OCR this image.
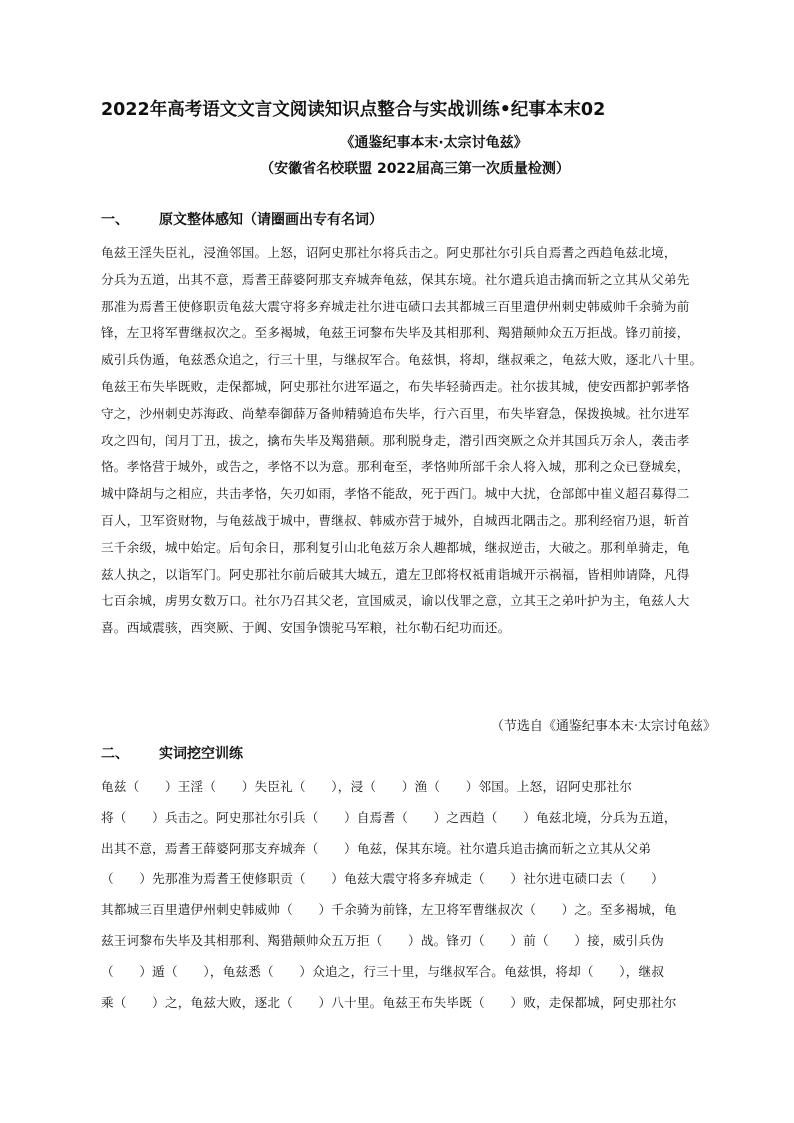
2022年高考语文文言文阅读知识点整合与实战训练•纪事本末02
《通鉴纪事本末·太宗讨龟兹》
（安徽省名校联盟 2022届高三第一次质量检测）
一、 原文整体感知（请圈画出专有名词）
龟兹王淫失臣礼，浸渔邻国。上怒，诏阿史那社尔将兵击之。阿史那社尔引兵自焉耆之西趋龟兹北境，
分兵为五道，出其不意，焉耆王薛婆阿那支弃城奔龟兹，保其东境。社尔遣兵追击擒而斩之立其从父弟先
那准为焉耆王使修职贡龟兹大震守将多弃城走社尔进屯碛口去其都城三百里遣伊州刺史韩威帅千余骑为前
锋，左卫将军曹继叔次之。至多褐城，龟兹王诃黎布失毕及其相那利、羯猎颠帅众五万拒战。锋刃前接，
威引兵伪遁，龟兹悉众追之，行三十里，与继叔军合。龟兹惧，将却，继叔乘之，龟兹大败，逐北八十里。
龟兹王布失毕既败，走保都城，阿史那社尔进军逼之，布失毕轻骑西走。社尔拔其城，使安西都护郭孝恪
守之，沙州刺史苏海政、尚辇奉御薛万备帅精骑追布失毕，行六百里，布失毕窘急，保拨换城。社尔进军
攻之四旬，闰月丁丑，拔之，擒布失毕及羯猎颠。那利脱身走，潜引西突厥之众并其国兵万余人，袭击孝
恪。孝恪营于城外，或告之，孝恪不以为意。那利奄至，孝恪帅所部千余人将入城，那利之众已登城矣，
城中降胡与之相应，共击孝恪，矢刃如雨，孝恪不能敌，死于西门。城中大扰，仓部郎中崔义超召募得二
百人，卫军资财物，与龟兹战于城中，曹继叔、韩威亦营于城外，自城西北隅击之。那利经宿乃退，斩首
三千余级，城中始定。后旬余日，那利复引山北龟兹万余人趣都城，继叔逆击，大破之。那利单骑走，龟
兹人执之，以诣军门。阿史那社尔前后破其大城五，遣左卫郎将权祗甫诣城开示祸福，皆相帅请降，凡得
七百余城，虏男女数万口。社尔乃召其父老，宣国威灵，谕以伐罪之意，立其王之弟叶护为主，龟兹人大
喜。西域震骇，西突厥、于阗、安国争馈驼马军粮，社尔勒石纪功而还。
（节选自《通鉴纪事本末·太宗讨龟兹》
二、 实词挖空训练
龟兹（　　）王淫（　　）失臣礼（　　），浸（　　）渔（　　）邻国。上怒，诏阿史那社尔
将（　　）兵击之。阿史那社尔引兵（　　）自焉耆（　　）之西趋（　　）龟兹北境，分兵为五道，
出其不意，焉耆王薛婆阿那支弃城奔（　　）龟兹，保其东境。社尔遣兵追击擒而斩之立其从父弟
（　　）先那准为焉耆王使修职贡（　　）龟兹大震守将多弃城走（　　）社尔进屯碛口去（　　）
其都城三百里遣伊州刺史韩威帅（　　）千余骑为前锋，左卫将军曹继叔次（　　）之。至多褐城，龟
兹王诃黎布失毕及其相那利、羯猎颠帅众五万拒（　　）战。锋刃（　　）前（　　）接，威引兵伪
（　　）遁（　　），龟兹悉（　　）众追之，行三十里，与继叔军合。龟兹惧，将却（　　），继叔
乘（　　）之，龟兹大败，逐北（　　）八十里。龟兹王布失毕既（　　）败，走保都城，阿史那社尔
